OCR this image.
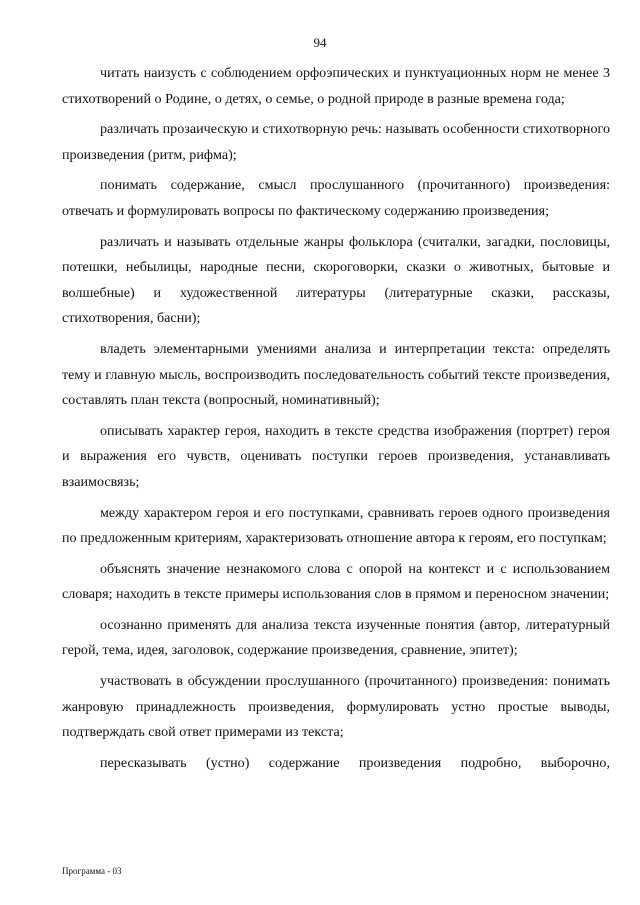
94

читать наизусть с соблюдением орфоэпических и пунктуационных норм не менее 3 стихотворений о Родине, о детях, о семье, о родной природе в разные времена года;

различать прозаическую и стихотворную речь: называть особенности стихотворного произведения (ритм, рифма);

понимать содержание, смысл прослушанного (прочитанного) произведения: отвечать и формулировать вопросы по фактическому содержанию произведения;

различать и называть отдельные жанры фольклора (считалки, загадки, пословицы, потешки, небылицы, народные песни, скороговорки, сказки о животных, бытовые и волшебные) и художественной литературы (литературные сказки, рассказы, стихотворения, басни);

владеть элементарными умениями анализа и интерпретации текста: определять тему и главную мысль, воспроизводить последовательность событий тексте произведения, составлять план текста (вопросный, номинативный);

описывать характер героя, находить в тексте средства изображения (портрет) героя и выражения его чувств, оценивать поступки героев произведения, устанавливать взаимосвязь;

между характером героя и его поступками, сравнивать героев одного произведения по предложенным критериям, характеризовать отношение автора к героям, его поступкам;

объяснять значение незнакомого слова с опорой на контекст и с использованием словаря; находить в тексте примеры использования слов в прямом и переносном значении;

осознанно применять для анализа текста изученные понятия (автор, литературный герой, тема, идея, заголовок, содержание произведения, сравнение, эпитет);

участвовать в обсуждении прослушанного (прочитанного) произведения: понимать жанровую принадлежность произведения, формулировать устно простые выводы, подтверждать свой ответ примерами из текста;

пересказывать (устно) содержание произведения подробно, выборочно,

Программа - 03
